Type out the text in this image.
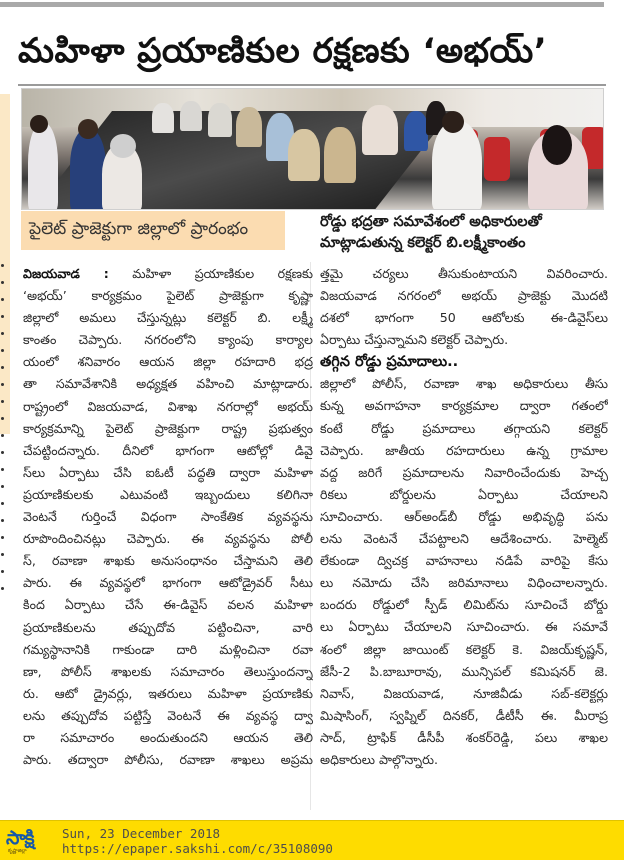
మహిళా ప్రయాణికుల రక్షణకు ‘అభయ్’
పైలెట్ ప్రాజెక్టుగా జిల్లాలో ప్రారంభం	రోడ్డు భద్రతా సమావేశంలో అధికారులతో
మాట్లాడుతున్న కలెక్టర్ బి.లక్ష్మీకాంతం
విజయవాడ : మహిళా ప్రయాణికుల రక్షణకు
‘అభయ్’ కార్యక్రమం పైలెట్ ప్రాజెక్టుగా కృష్ణా
జిల్లాలో అమలు చేస్తున్నట్లు కలెక్టర్ బి. లక్ష్మీ
కాంతం చెప్పారు. నగరంలోని క్యాంపు కార్యాల
యంలో శనివారం ఆయన జిల్లా రహదారి భద్ర
తా సమావేశానికి అధ్యక్షత వహించి మాట్లాడారు.
రాష్ట్రంలో విజయవాడ, విశాఖ నగరాల్లో అభయ్
కార్యక్రమాన్ని పైలెట్ ప్రాజెక్టుగా రాష్ట్ర ప్రభుత్వం
చేపట్టిందన్నారు. దీనిలో భాగంగా ఆటోల్లో డివై
స్‌లు ఏర్పాటు చేసి ఐఓటీ పద్ధతి ద్వారా మహిళా
ప్రయాణికులకు ఎటువంటి ఇబ్బందులు కలిగినా
వెంటనే గుర్తించే విధంగా సాంకేతిక వ్యవస్థను
రూపొందించినట్లు చెప్పారు. ఈ వ్యవస్థను పోలీ
స్, రవాణా శాఖకు అనుసంధానం చేస్తామని తెలి
పారు. ఈ వ్యవస్థలో భాగంగా ఆటోడ్రైవర్ సీటు
కింద ఏర్పాటు చేసే ఈ-డివైస్ వలన మహిళా
ప్రయాణికులను తప్పుదోవ పట్టించినా, వారి
గమ్యస్థానానికి గాకుండా దారి మళ్లించినా రవా
ణా, పోలీస్ శాఖలకు సమాచారం తెలుస్తుందన్నా
రు. ఆటో డ్రైవర్లు, ఇతరులు మహిళా ప్రయాణికు
లను తప్పుదోవ పట్టిస్తే వెంటనే ఈ వ్యవస్థ ద్వా
రా సమాచారం అందుతుందని ఆయన తెలి
పారు. తద్వారా పోలీసు, రవాణా శాఖలు అప్రమ
త్తమై చర్యలు తీసుకుంటాయని వివరించారు.
విజయవాడ నగరంలో అభయ్ ప్రాజెక్టు మొదటి
దశలో భాగంగా 50 ఆటోలకు ఈ-డివైస్‌లు
ఏర్పాటు చేస్తున్నామని కలెక్టర్ చెప్పారు.
తగ్గిన రోడ్డు ప్రమాదాలు..
జిల్లాలో పోలీస్, రవాణా శాఖ అధికారులు తీసు
కున్న అవగాహనా కార్యక్రమాల ద్వారా గతంలో
కంటే రోడ్డు ప్రమాదాలు తగ్గాయని కలెక్టర్
చెప్పారు. జాతీయ రహదారులు ఉన్న గ్రామాల
వద్ద జరిగే ప్రమాదాలను నివారించేందుకు హెచ్చ
రికలు బోర్డులను ఏర్పాటు చేయాలని
సూచించారు. ఆర్అండ్‌బీ రోడ్డు అభివృద్ధి పను
లను వెంటనే చేపట్టాలని ఆదేశించారు. హెల్మెట్
లేకుండా ద్విచక్ర వాహనాలు నడిపే వారిపై కేసు
లు నమోదు చేసి జరిమానాలు విధించాలన్నారు.
బందరు రోడ్డులో స్పీడ్ లిమిట్‌ను సూచించే బోర్డు
లు ఏర్పాటు చేయాలని సూచించారు. ఈ సమావే
శంలో జిల్లా జాయింట్ కలెక్టర్ కె. విజయ్‌కృష్ణన్,
జేసీ-2 పి.బాబూరావు, మున్సిపల్ కమిషనర్ జె.
నివాస్, విజయవాడ, నూజివీడు సబ్-కలెక్టర్లు
మిషాసింగ్, స్వప్నిల్ దినకర్, డీటీసీ ఈ. మీరాప్ర
సాద్, ట్రాఫిక్ డీసీపీ శంకర్‌రెడ్డి, పలు శాఖల
అధికారులు పాల్గొన్నారు.
సాక్షి
కృష్ణాజిల్లా
Sun, 23 December 2018
https://epaper.sakshi.com/c/35108090
